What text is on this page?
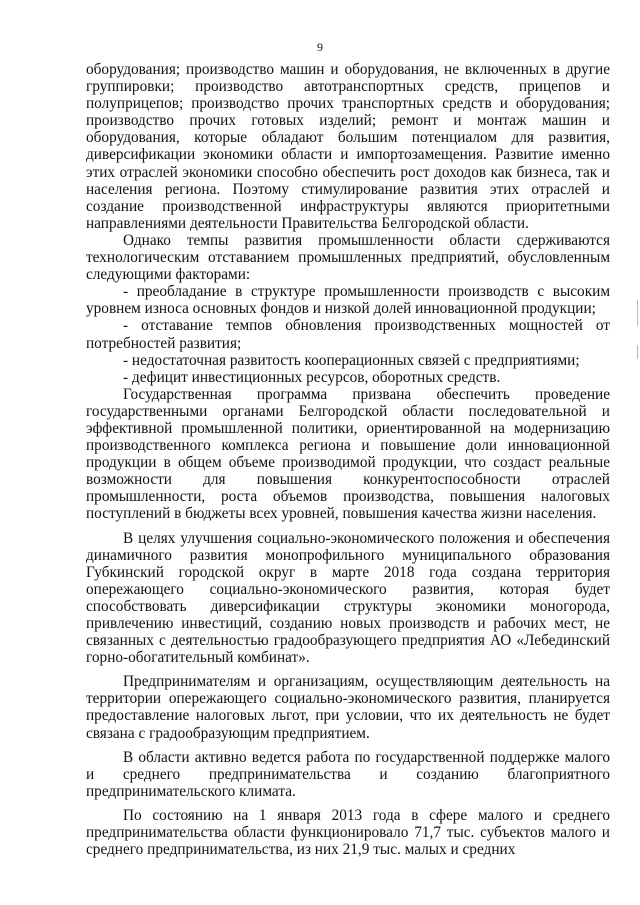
9

оборудования; производство машин и оборудования, не включенных в другие группировки; производство автотранспортных средств, прицепов и полуприцепов; производство прочих транспортных средств и оборудования; производство прочих готовых изделий; ремонт и монтаж машин и оборудования, которые обладают большим потенциалом для развития, диверсификации экономики области и импортозамещения. Развитие именно этих отраслей экономики способно обеспечить рост доходов как бизнеса, так и населения региона. Поэтому стимулирование развития этих отраслей и создание производственной инфраструктуры являются приоритетными направлениями деятельности Правительства Белгородской области.

Однако темпы развития промышленности области сдерживаются технологическим отставанием промышленных предприятий, обусловленным следующими факторами:

- преобладание в структуре промышленности производств с высоким уровнем износа основных фондов и низкой долей инновационной продукции;

- отставание темпов обновления производственных мощностей от потребностей развития;

- недостаточная развитость кооперационных связей с предприятиями;

- дефицит инвестиционных ресурсов, оборотных средств.

Государственная программа призвана обеспечить проведение государственными органами Белгородской области последовательной и эффективной промышленной политики, ориентированной на модернизацию производственного комплекса региона и повышение доли инновационной продукции в общем объеме производимой продукции, что создаст реальные возможности для повышения конкурентоспособности отраслей промышленности, роста объемов производства, повышения налоговых поступлений в бюджеты всех уровней, повышения качества жизни населения.

В целях улучшения социально-экономического положения и обеспечения динамичного развития монопрофильного муниципального образования Губкинский городской округ в марте 2018 года создана территория опережающего социально-экономического развития, которая будет способствовать диверсификации структуры экономики моногорода, привлечению инвестиций, созданию новых производств и рабочих мест, не связанных с деятельностью градообразующего предприятия АО «Лебединский горно-обогатительный комбинат».

Предпринимателям и организациям, осуществляющим деятельность на территории опережающего социально-экономического развития, планируется предоставление налоговых льгот, при условии, что их деятельность не будет связана с градообразующим предприятием.

В области активно ведется работа по государственной поддержке малого и среднего предпринимательства и созданию благоприятного предпринимательского климата.

По состоянию на 1 января 2013 года в сфере малого и среднего предпринимательства области функционировало 71,7 тыс. субъектов малого и среднего предпринимательства, из них 21,9 тыс. малых и средних
